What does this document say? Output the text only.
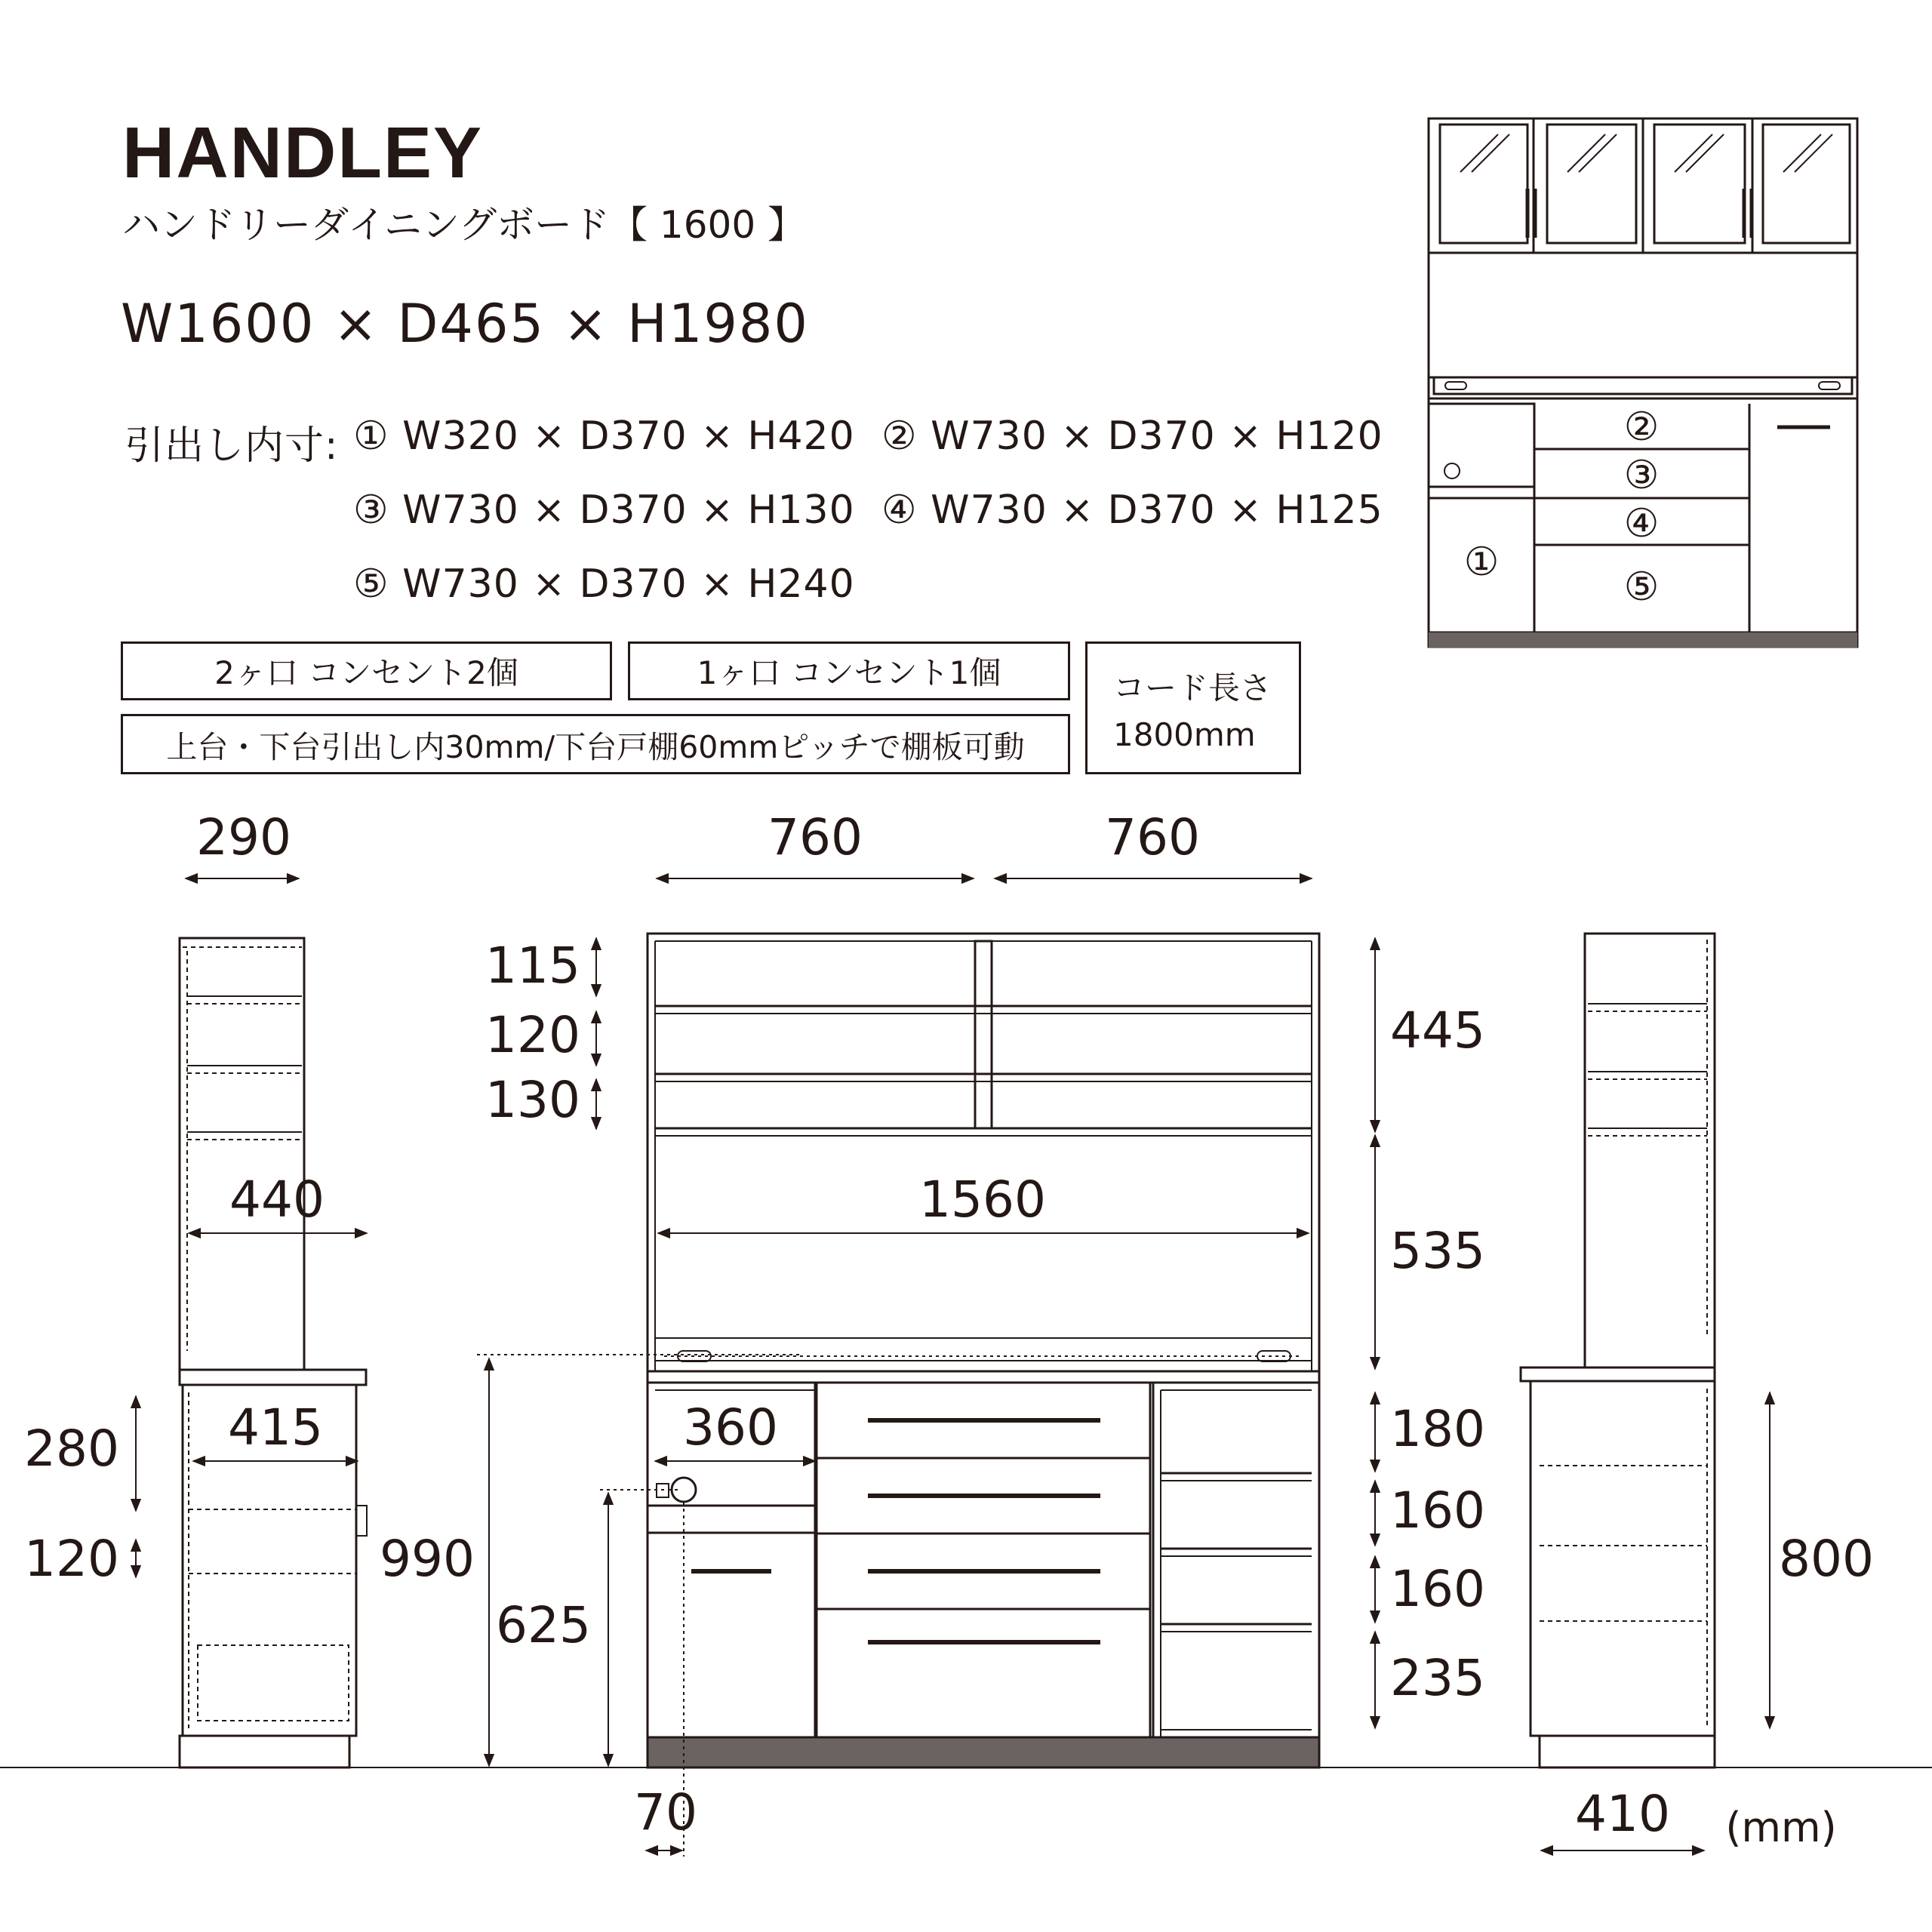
HANDLEY
ハンドリーダイニングボード【 1600 】
W1600 × D465 × H1980
引出し内寸: ① W320 × D370 × H420 ② W730 × D370 × H120
③ W730 × D370 × H130 ④ W730 × D370 × H125
⑤ W730 × D370 × H240
2ヶ口 コンセント2個	1ヶ口 コンセント1個
上台・下台引出し内30mm/下台戸棚60mmピッチで棚板可動
コード長さ
1800mm
①
②
③
④
⑤
290
440
415
280
120	990
760	760
1560
115
120
130
445
535
180
160
160
235
360
625
70
800
410 (mm)
